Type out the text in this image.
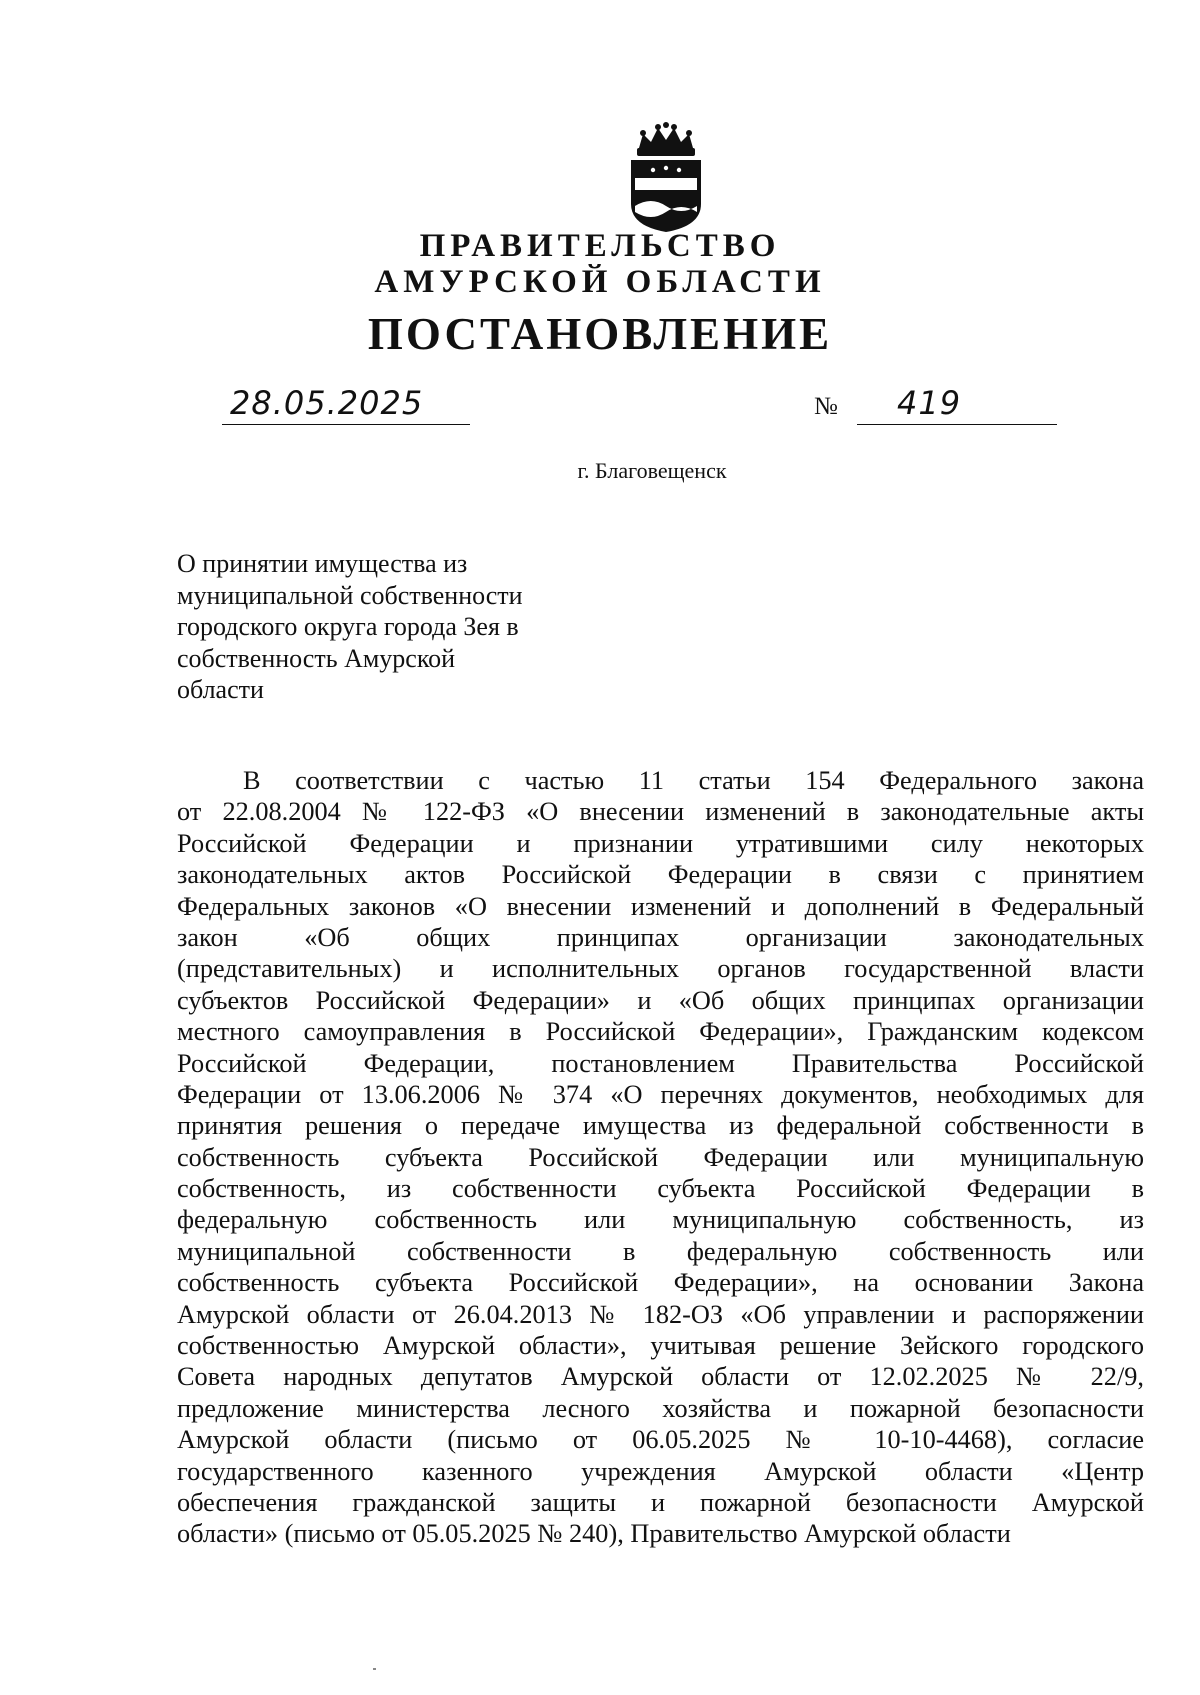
ПРАВИТЕЛЬСТВО
АМУРСКОЙ ОБЛАСТИ
ПОСТАНОВЛЕНИЕ
28.05.2025	№ 419
г. Благовещенск
О принятии имущества из
муниципальной собственности
городского округа города Зея в
собственность Амурской
области
В соответствии с частью 11 статьи 154 Федерального закона
от 22.08.2004 № 122-ФЗ «О внесении изменений в законодательные акты
Российской Федерации и признании утратившими силу некоторых
законодательных актов Российской Федерации в связи с принятием
Федеральных законов «О внесении изменений и дополнений в Федеральный
закон «Об общих принципах организации законодательных
(представительных) и исполнительных органов государственной власти
субъектов Российской Федерации» и «Об общих принципах организации
местного самоуправления в Российской Федерации», Гражданским кодексом
Российской Федерации, постановлением Правительства Российской
Федерации от 13.06.2006 № 374 «О перечнях документов, необходимых для
принятия решения о передаче имущества из федеральной собственности в
собственность субъекта Российской Федерации или муниципальную
собственность, из собственности субъекта Российской Федерации в
федеральную собственность или муниципальную собственность, из
муниципальной собственности в федеральную собственность или
собственность субъекта Российской Федерации», на основании Закона
Амурской области от 26.04.2013 № 182-ОЗ «Об управлении и распоряжении
собственностью Амурской области», учитывая решение Зейского городского
Совета народных депутатов Амурской области от 12.02.2025 № 22/9,
предложение министерства лесного хозяйства и пожарной безопасности
Амурской области (письмо от 06.05.2025 № 10-10-4468), согласие
государственного казенного учреждения Амурской области «Центр
обеспечения гражданской защиты и пожарной безопасности Амурской
области» (письмо от 05.05.2025 № 240), Правительство Амурской области
